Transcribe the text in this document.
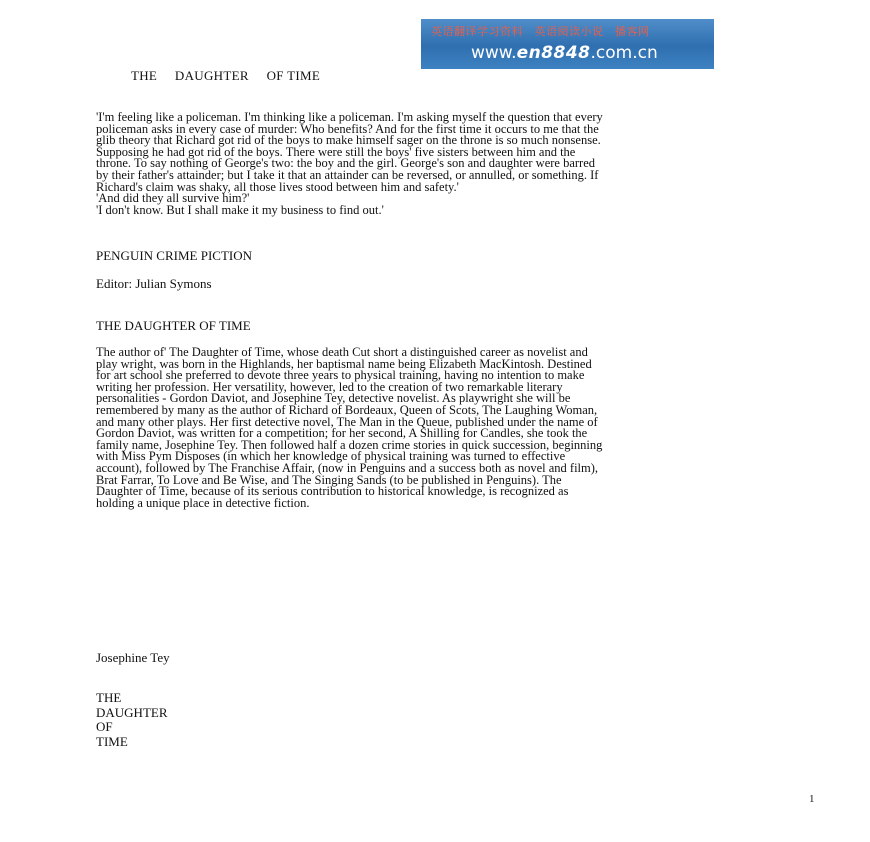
英语翻译学习资料　英语阅读小说　播客网
www.en8848.com.cn
THE     DAUGHTER     OF TIME
'I'm feeling like a policeman. I'm thinking like a policeman. I'm asking myself the question that every
policeman asks in every case of murder: Who benefits? And for the first time it occurs to me that the
glib theory that Richard got rid of the boys to make himself sager on the throne is so much nonsense.
Supposing he had got rid of the boys. There were still the boys' five sisters between him and the
throne. To say nothing of George's two: the boy and the girl. George's son and daughter were barred
by their father's attainder; but I take it that an attainder can be reversed, or annulled, or something. If
Richard's claim was shaky, all those lives stood between him and safety.'
'And did they all survive him?'
'I don't know. But I shall make it my business to find out.'
PENGUIN CRIME PICTION
Editor: Julian Symons
THE DAUGHTER OF TIME
The author of' The Daughter of Time, whose death Cut short a distinguished career as novelist and
play wright, was born in the Highlands, her baptismal name being Elizabeth MacKintosh. Destined
for art school she preferred to devote three years to physical training, having no intention to make
writing her profession. Her versatility, however, led to the creation of two remarkable literary
personalities - Gordon Daviot, and Josephine Tey, detective novelist. As playwright she will be
remembered by many as the author of Richard of Bordeaux, Queen of Scots, The Laughing Woman,
and many other plays. Her first detective novel, The Man in the Queue, published under the name of
Gordon Daviot, was written for a competition; for her second, A Shilling for Candles, she took the
family name, Josephine Tey. Then followed half a dozen crime stories in quick succession, beginning
with Miss Pym Disposes (in which her knowledge of physical training was turned to effective
account), followed by The Franchise Affair, (now in Penguins and a success both as novel and film),
Brat Farrar, To Love and Be Wise, and The Singing Sands (to be published in Penguins). The
Daughter of Time, because of its serious contribution to historical knowledge, is recognized as
holding a unique place in detective fiction.
Josephine Tey
THE
DAUGHTER
OF
TIME
1
